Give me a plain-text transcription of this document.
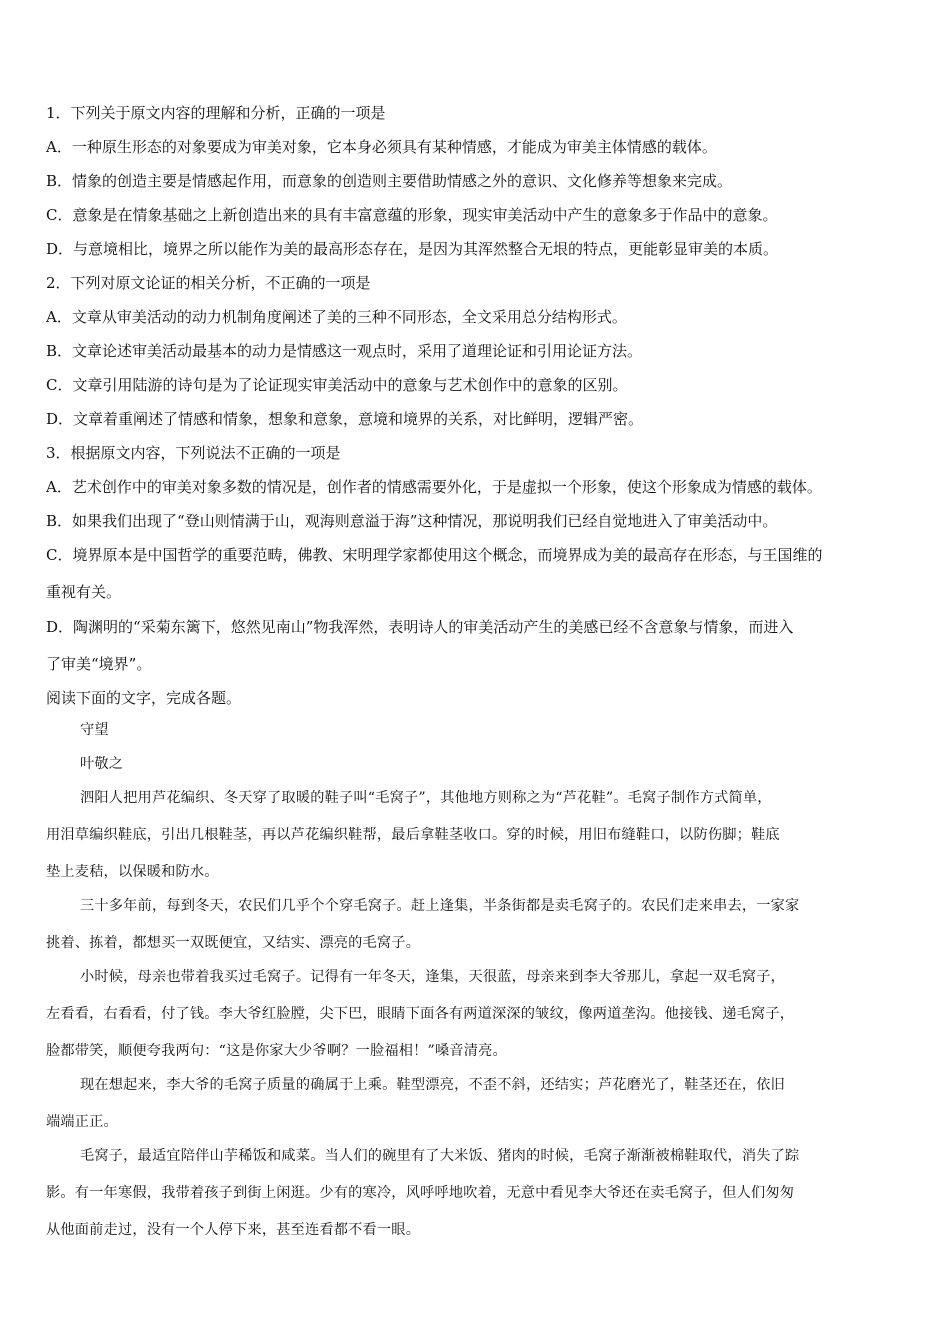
1．下列关于原文内容的理解和分析，正确的一项是
A．一种原生形态的对象要成为审美对象，它本身必须具有某种情感，才能成为审美主体情感的载体。
B．情象的创造主要是情感起作用，而意象的创造则主要借助情感之外的意识、文化修养等想象来完成。
C．意象是在情象基础之上新创造出来的具有丰富意蕴的形象，现实审美活动中产生的意象多于作品中的意象。
D．与意境相比，境界之所以能作为美的最高形态存在，是因为其浑然整合无垠的特点，更能彰显审美的本质。
2．下列对原文论证的相关分析，不正确的一项是
A．文章从审美活动的动力机制角度阐述了美的三种不同形态，全文采用总分结构形式。
B．文章论述审美活动最基本的动力是情感这一观点时，采用了道理论证和引用论证方法。
C．文章引用陆游的诗句是为了论证现实审美活动中的意象与艺术创作中的意象的区别。
D．文章着重阐述了情感和情象，想象和意象，意境和境界的关系，对比鲜明，逻辑严密。
3．根据原文内容，下列说法不正确的一项是
A．艺术创作中的审美对象多数的情况是，创作者的情感需要外化，于是虚拟一个形象，使这个形象成为情感的载体。
B．如果我们出现了“登山则情满于山，观海则意溢于海”这种情况，那说明我们已经自觉地进入了审美活动中。
C．境界原本是中国哲学的重要范畴，佛教、宋明理学家都使用这个概念，而境界成为美的最高存在形态，与王国维的
重视有关。
D．陶渊明的“采菊东篱下，悠然见南山”物我浑然，表明诗人的审美活动产生的美感已经不含意象与情象，而进入
了审美“境界”。
阅读下面的文字，完成各题。
守望
叶敬之
泗阳人把用芦花编织、冬天穿了取暖的鞋子叫“毛窝子”，其他地方则称之为“芦花鞋”。毛窝子制作方式简单，
用泪草编织鞋底，引出几根鞋茎，再以芦花编织鞋帮，最后拿鞋茎收口。穿的时候，用旧布缝鞋口，以防伤脚；鞋底
垫上麦秸，以保暖和防水。
三十多年前，每到冬天，农民们几乎个个穿毛窝子。赶上逢集，半条街都是卖毛窝子的。农民们走来串去，一家家
挑着、拣着，都想买一双既便宜，又结实、漂亮的毛窝子。
小时候，母亲也带着我买过毛窝子。记得有一年冬天，逢集，天很蓝，母亲来到李大爷那儿，拿起一双毛窝子，
左看看，右看看，付了钱。李大爷红脸膛，尖下巴，眼睛下面各有两道深深的皱纹，像两道垄沟。他接钱、递毛窝子，
脸都带笑，顺便夸我两句：“这是你家大少爷啊？一脸福相！”嗓音清亮。
现在想起来，李大爷的毛窝子质量的确属于上乘。鞋型漂亮，不歪不斜，还结实；芦花磨光了，鞋茎还在，依旧
端端正正。
毛窝子，最适宜陪伴山芋稀饭和咸菜。当人们的碗里有了大米饭、猪肉的时候，毛窝子渐渐被棉鞋取代，消失了踪
影。有一年寒假，我带着孩子到街上闲逛。少有的寒冷，风呼呼地吹着，无意中看见李大爷还在卖毛窝子，但人们匆匆
从他面前走过，没有一个人停下来，甚至连看都不看一眼。
